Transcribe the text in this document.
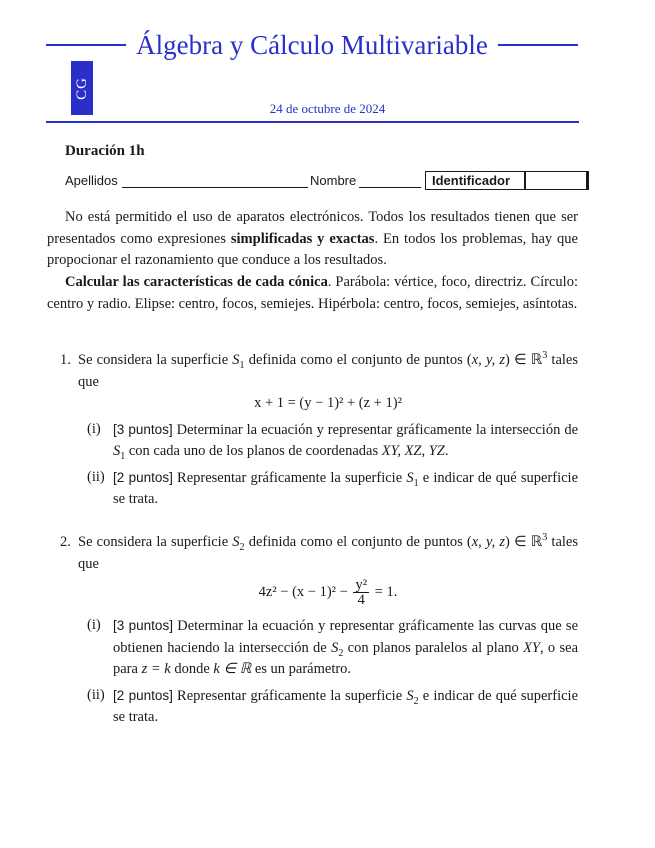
Álgebra y Cálculo Multivariable
CG
24 de octubre de 2024
Duración 1h
Apellidos	Nombre	Identificador

No está permitido el uso de aparatos electrónicos. Todos los resultados tienen que ser presentados como expresiones simplificadas y exactas. En todos los problemas, hay que propocionar el razonamiento que conduce a los resultados.

Calcular las características de cada cónica. Parábola: vértice, foco, directriz. Círculo: centro y radio. Elipse: centro, focos, semiejes. Hipérbola: centro, focos, semiejes, asíntotas.

1. Se considera la superficie $S_1$ definida como el conjunto de puntos (x, y, z) ∈ ℝ$^3$ tales que
x + 1 = (y − 1)² + (z + 1)²
(i) [3 puntos] Determinar la ecuación y representar gráficamente la intersección de $S_1$ con cada uno de los planos de coordenadas XY, XZ, YZ.
(ii) [2 puntos] Representar gráficamente la superficie $S_1$ e indicar de qué superficie se trata.
2. Se considera la superficie $S_2$ definida como el conjunto de puntos (x, y, z) ∈ ℝ$^3$ tales que
$4z^2 - (x - 1)^2 - \frac{\text{y²}}{4} = 1$.
(i) [3 puntos] Determinar la ecuación y representar gráficamente las curvas que se obtienen haciendo la intersección de $S_2$ con planos paralelos al plano XY, o sea para z = k donde k ∈ ℝ es un parámetro.
(ii) [2 puntos] Representar gráficamente la superficie $S_2$ e indicar de qué superficie se trata.
